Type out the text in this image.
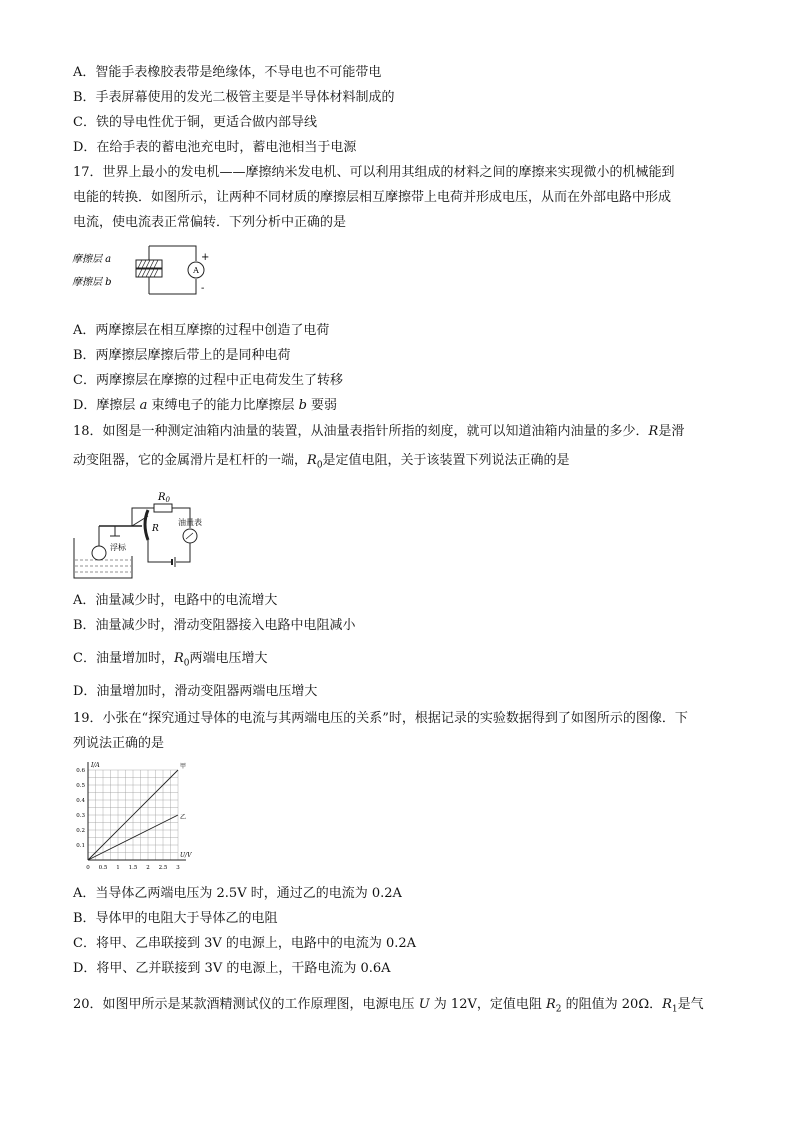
A．智能手表橡胶表带是绝缘体，不导电也不可能带电
B．手表屏幕使用的发光二极管主要是半导体材料制成的
C．铁的导电性优于铜，更适合做内部导线
D．在给手表的蓄电池充电时，蓄电池相当于电源
17．世界上最小的发电机——摩擦纳米发电机、可以利用其组成的材料之间的摩擦来实现微小的机械能到
电能的转换．如图所示，让两种不同材质的摩擦层相互摩擦带上电荷并形成电压，从而在外部电路中形成
电流，使电流表正常偏转．下列分析中正确的是
摩擦层 a
摩擦层 b
A
+
-
A．两摩擦层在相互摩擦的过程中创造了电荷
B．两摩擦层摩擦后带上的是同种电荷
C．两摩擦层在摩擦的过程中正电荷发生了转移
D．摩擦层 a 束缚电子的能力比摩擦层 b 要弱
18．如图是一种测定油箱内油量的装置，从油量表指针所指的刻度，就可以知道油箱内油量的多少．R是滑
动变阻器，它的金属滑片是杠杆的一端，$R_0$是定值电阻，关于该装置下列说法正确的是
浮标
R
$R_0$
油量表
A．油量减少时，电路中的电流增大
B．油量减少时，滑动变阻器接入电路中电阻减小
C．油量增加时，$R_0$两端电压增大
D．油量增加时，滑动变阻器两端电压增大
19．小张在“探究通过导体的电流与其两端电压的关系”时，根据记录的实验数据得到了如图所示的图像．下
列说法正确的是
0 0.5 1 1.5 2 2.5 3
0.1
0.2
0.3
0.4
0.5
0.6
I/A
U/V
甲
乙
A．当导体乙两端电压为 2.5V 时，通过乙的电流为 0.2A
B．导体甲的电阻大于导体乙的电阻
C．将甲、乙串联接到 3V 的电源上，电路中的电流为 0.2A
D．将甲、乙并联接到 3V 的电源上，干路电流为 0.6A
20．如图甲所示是某款酒精测试仪的工作原理图，电源电压 U 为 12V，定值电阻 $R_2$ 的阻值为 20Ω．$R_1$是气
